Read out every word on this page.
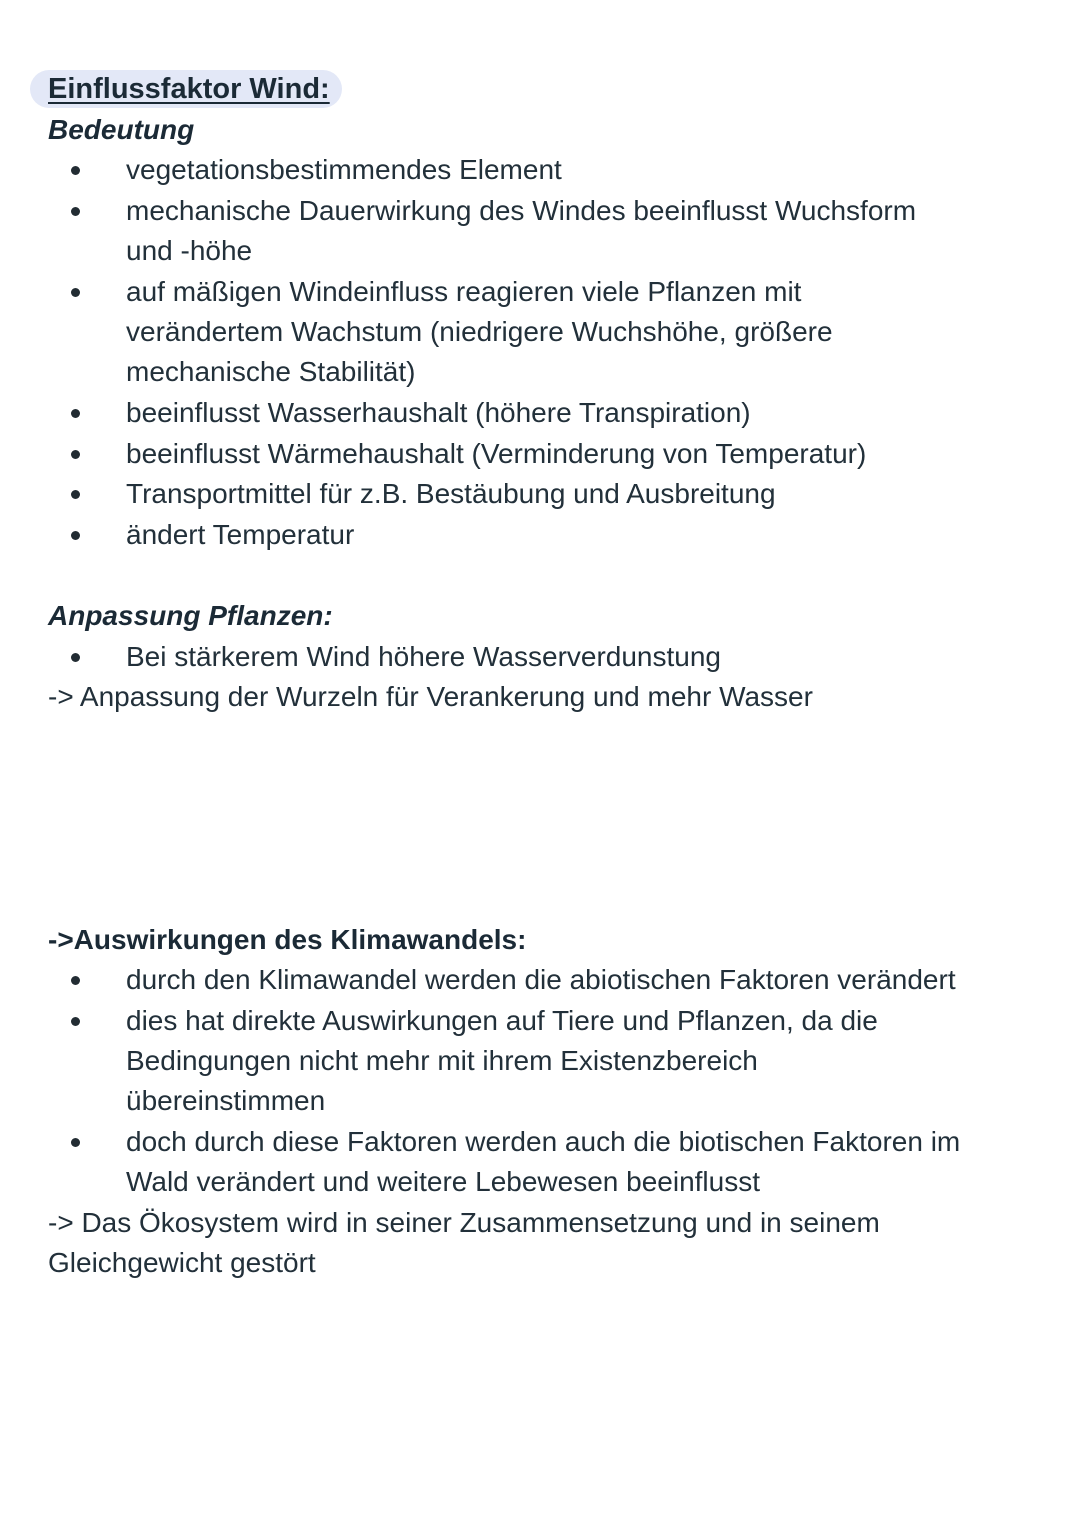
Einflussfaktor Wind:
Bedeutung
vegetationsbestimmendes Element
mechanische Dauerwirkung des Windes beeinflusst Wuchsform
und -höhe
auf mäßigen Windeinfluss reagieren viele Pflanzen mit
verändertem Wachstum (niedrigere Wuchshöhe, größere
mechanische Stabilität)
beeinflusst Wasserhaushalt (höhere Transpiration)
beeinflusst Wärmehaushalt (Verminderung von Temperatur)
Transportmittel für z.B. Bestäubung und Ausbreitung
ändert Temperatur
Anpassung Pflanzen:
Bei stärkerem Wind höhere Wasserverdunstung
-> Anpassung der Wurzeln für Verankerung und mehr Wasser
->Auswirkungen des Klimawandels:
durch den Klimawandel werden die abiotischen Faktoren verändert
dies hat direkte Auswirkungen auf Tiere und Pflanzen, da die
Bedingungen nicht mehr mit ihrem Existenzbereich
übereinstimmen
doch durch diese Faktoren werden auch die biotischen Faktoren im
Wald verändert und weitere Lebewesen beeinflusst
-> Das Ökosystem wird in seiner Zusammensetzung und in seinem
Gleichgewicht gestört
